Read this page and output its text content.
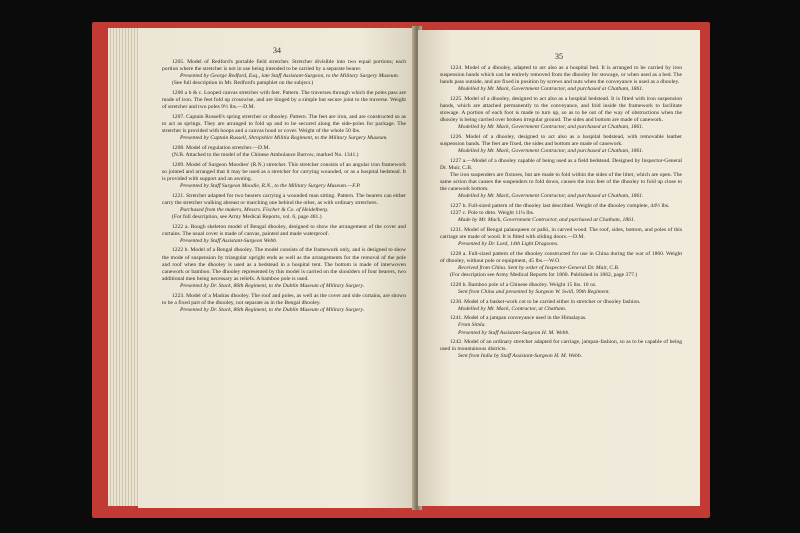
34

1205. Model of Redford's portable field stretcher. Stretcher divisible into two equal portions; each portion where the stretcher is not in use being intended to be carried by a separate bearer.

Presented by George Redford, Esq., late Staff Assistant-Surgeon, to the Military Surgery Museum.

(See full description in Mr. Redford's pamphlet on the subject.)

1206 a b & c. Looped canvas stretcher with feet. Pattern. The traverses through which the poles pass are made of iron. The feet fold up crosswise, and are hinged by a simple but secure joint to the traverse. Weight of stretcher and two poles 9½ lbs.—D.M.

1207. Captain Russell's spring stretcher or dhooley. Pattern. The feet are iron, and are constructed so as to act as springs. They are arranged to fold up and to be secured along the side-poles for package. The stretcher is provided with hoops and a canvas hood or cover. Weight of the whole 50 lbs.

Presented by Captain Russell, Shropshire Militia Regiment, to the Military Surgery Museum.

1208. Model of regulation stretcher.—D.M.

(N.B. Attached to the model of the Chinese Ambulance Barrow, marked No. 1341.)

1209. Model of Surgeon Moodies' (R.N.) stretcher. This stretcher consists of an angular iron framework so jointed and arranged that it may be used as a stretcher for carrying wounded, or as a hospital bedstead. It is provided with support and an awning.

Presented by Staff Surgeon Moodie, R.N., to the Military Surgery Museum.—F.P.

1221. Stretcher adapted for two bearers carrying a wounded man sitting. Pattern. The bearers can either carry the stretcher walking abreast or marching one behind the other, as with ordinary stretchers.

Purchased from the makers, Messrs. Fischer & Co. of Heidelberg.

(For full description, see Army Medical Reports, vol. 6, page 481.)

1222 a. Rough skeleton model of Bengal dhooley, designed to show the arrangement of the cover and curtains. The usual cover is made of canvas, painted and made waterproof.

Presented by Staff Assistant-Surgeon Webb.

1222 b. Model of a Bengal dhooley. The model consists of the framework only, and is designed to show the mode of suspension by triangular upright ends as well as the arrangements for the removal of the pole and roof when the dhooley is used as a bedstead in a hospital tent. The bottom is made of interwoven canework or bamboo. The dhooley represented by this model is carried on the shoulders of four bearers, two additional men being necessary as reliefs. A bamboo pole is used.

Presented by Dr. Stack, 86th Regiment, to the Dublin Museum of Military Surgery.

1223. Model of a Madras dhooley. The roof and poles, as well as the cover and side curtains, are shown to be a fixed part of the dhooley, not separate as in the Bengal dhooley.

Presented by Dr. Stack, 86th Regiment, to the Dublin Museum of Military Surgery.

35

1224. Model of a dhooley, adapted to act also as a hospital bed. It is arranged to be carried by iron suspension bands which can be entirely removed from the dhooley for stowage, or when used as a bed. The bands pass outside, and are fixed in position by screws and nuts when the conveyance is used as a dhooley.

Modelled by Mr. Mack, Government Contractor, and purchased at Chatham, 1861.

1225. Model of a dhooley, designed to act also as a hospital bedstead. It is fitted with iron suspension bands, which are attached permanently to the conveyance, and fold inside the framework to facilitate stowage. A portion of each foot is made to turn up, so as to be out of the way of obstructions when the dhooley is being carried over broken irregular ground. The sides and bottom are made of canework.

Modelled by Mr. Mack, Government Contractor, and purchased at Chatham, 1861.

1226. Model of a dhooley, designed to act also as a hospital bedstead, with removable leather suspension bands. The feet are fixed, the sides and bottom are made of canework.

Modelled by Mr. Mack, Government Contractor, and purchased at Chatham, 1861.

1227 a.—Model of a dhooley capable of being used as a field bedstead. Designed by Inspector-General Dr. Muir, C.B.

The iron suspenders are fixtures, but are made to fold within the sides of the litter, which are open. The same action that causes the suspenders to fold down, causes the iron feet of the dhooley to fold up close to the canework bottom.

Modelled by Mr. Mack, Government Contractor, and purchased at Chatham, 1861.

1227 b. Full-sized pattern of the dhooley last described. Weight of the dhooley complete, 44½ lbs.

1227 c. Pole to ditto. Weight 11¼ lbs.

Made by Mr. Mack, Government Contractor, and purchased at Chatham, 1861.

1231. Model of Bengal palanqueen or palki, in carved wood. The roof, sides, bottom, and poles of this carriage are made of wood. It is fitted with sliding doors.—D.M.

Presented by Dr. Lord, 14th Light Dragoons.

1228 a. Full-sized pattern of the dhooley constructed for use in China during the war of 1860. Weight of dhooley, without pole or equipment, 45 lbs.—W.O.

Received from China. Sent by order of Inspector-General Dr. Muir, C.B.

(For description see Army Medical Reports for 1860. Published in 1862, page 377.)

1228 b. Bamboo pole of a Chinese dhooley. Weight 15 lbs. 10 oz.

Sent from China and presented by Surgeon W. Swill, 99th Regiment.

1230. Model of a basket-work cot to be carried either in stretcher or dhooley fashion.

Modelled by Mr. Mack, Contractor, at Chatham.

1241. Model of a jampan conveyance used in the Himalayas.

From Simla.

Presented by Staff Assistant-Surgeon H. M. Webb.

1242. Model of an ordinary stretcher adapted for carriage, jampan-fashion, so as to be capable of being used in mountainous districts.

Sent from India by Staff Assistant-Surgeon H. M. Webb.
